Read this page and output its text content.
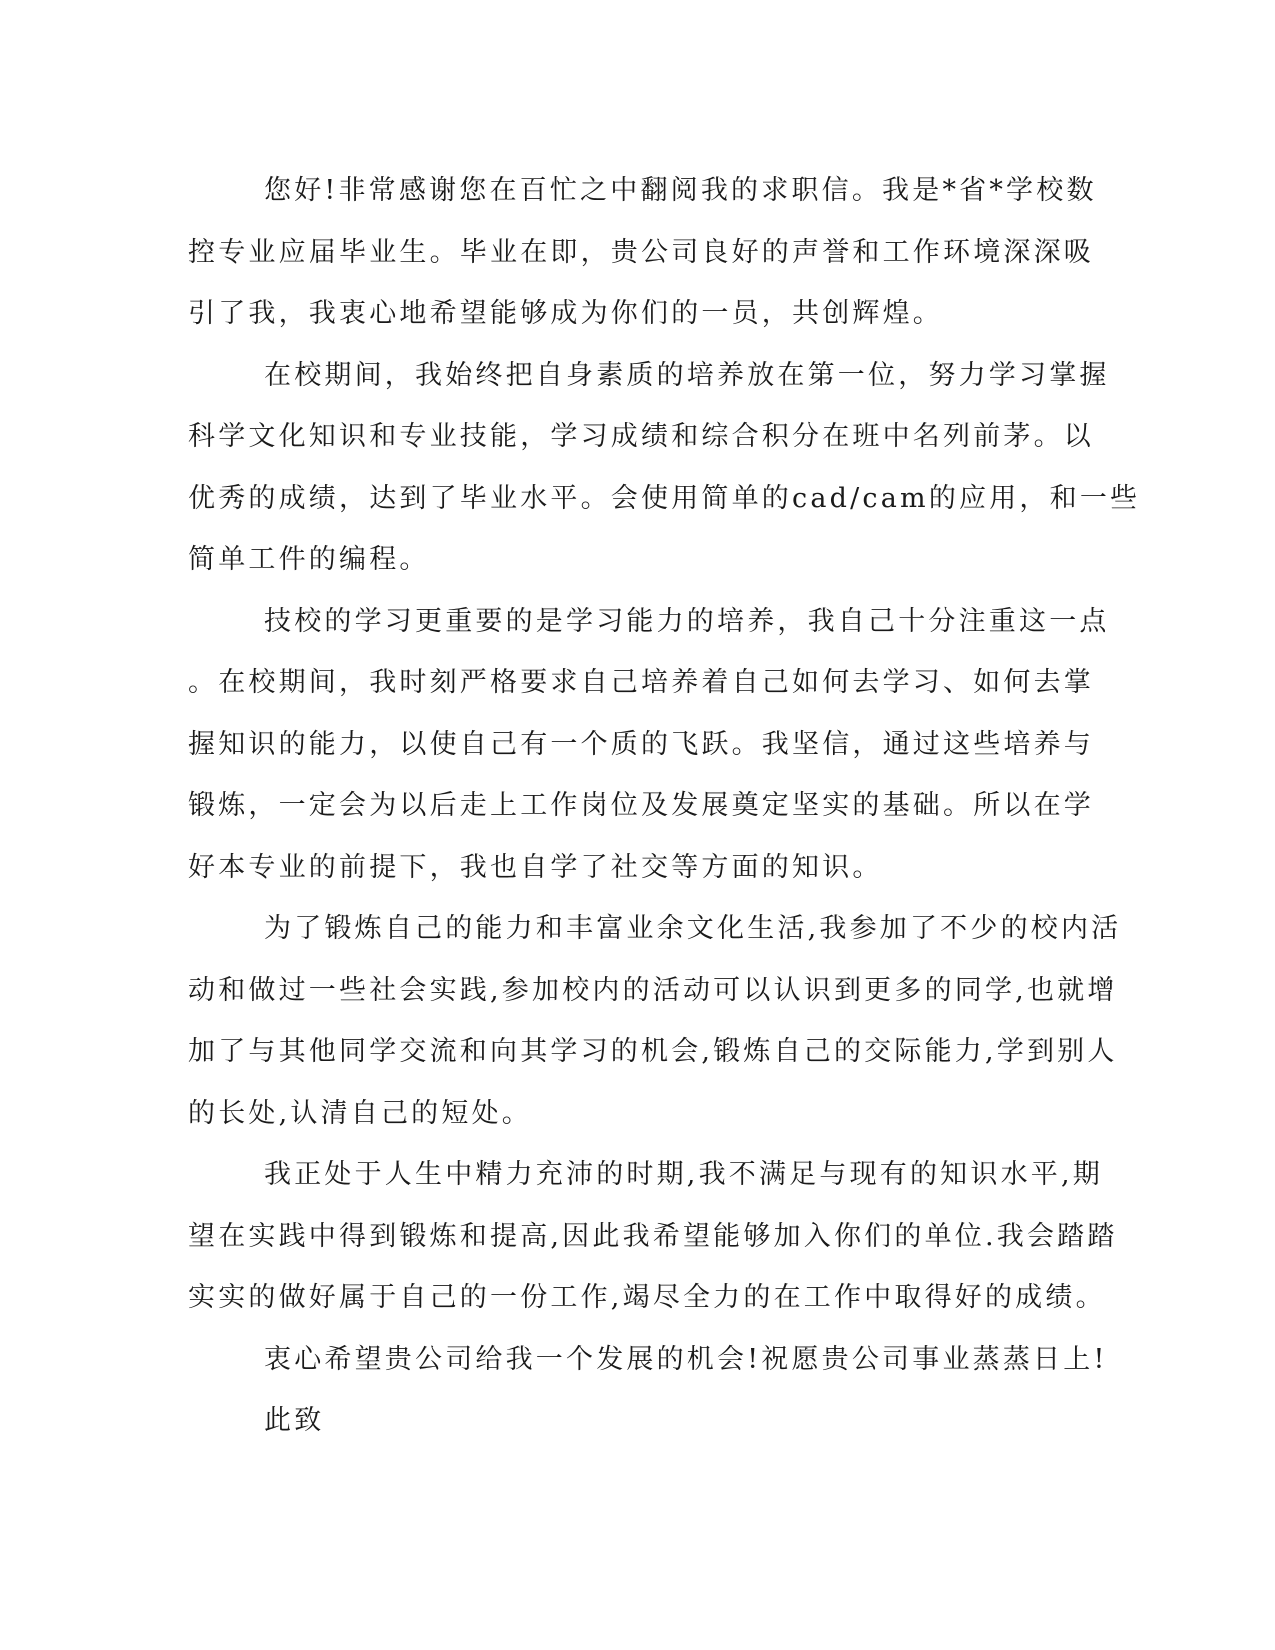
您好!非常感谢您在百忙之中翻阅我的求职信。我是*省*学校数
控专业应届毕业生。毕业在即，贵公司良好的声誉和工作环境深深吸
引了我，我衷心地希望能够成为你们的一员，共创辉煌。
在校期间，我始终把自身素质的培养放在第一位，努力学习掌握
科学文化知识和专业技能，学习成绩和综合积分在班中名列前茅。以
优秀的成绩，达到了毕业水平。会使用简单的cad/cam的应用，和一些
简单工件的编程。
技校的学习更重要的是学习能力的培养，我自己十分注重这一点
。在校期间，我时刻严格要求自己培养着自己如何去学习、如何去掌
握知识的能力，以使自己有一个质的飞跃。我坚信，通过这些培养与
锻炼，一定会为以后走上工作岗位及发展奠定坚实的基础。所以在学
好本专业的前提下，我也自学了社交等方面的知识。
为了锻炼自己的能力和丰富业余文化生活,我参加了不少的校内活
动和做过一些社会实践,参加校内的活动可以认识到更多的同学,也就增
加了与其他同学交流和向其学习的机会,锻炼自己的交际能力,学到别人
的长处,认清自己的短处。
我正处于人生中精力充沛的时期,我不满足与现有的知识水平,期
望在实践中得到锻炼和提高,因此我希望能够加入你们的单位.我会踏踏
实实的做好属于自己的一份工作,竭尽全力的在工作中取得好的成绩。
衷心希望贵公司给我一个发展的机会!祝愿贵公司事业蒸蒸日上!
此致
